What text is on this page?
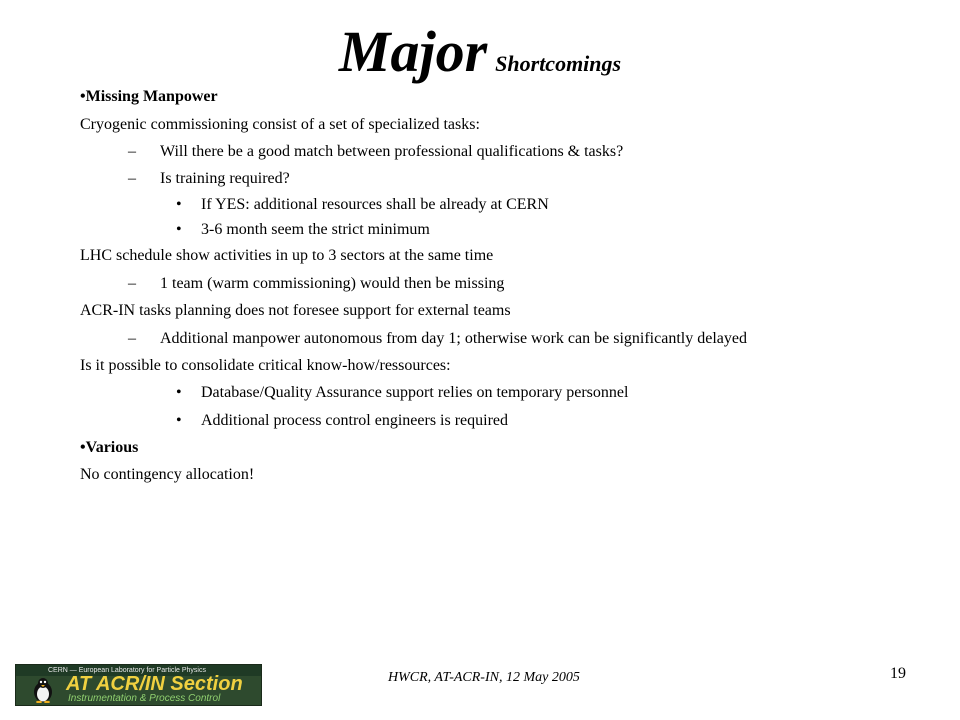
Major Shortcomings
•Missing Manpower
Cryogenic commissioning consist of a set of specialized tasks:
– Will there be a good match between professional qualifications & tasks?
– Is training required?
• If YES: additional resources shall be already at CERN
• 3-6 month seem the strict minimum
LHC schedule show activities in up to 3 sectors at the same time
– 1 team (warm commissioning) would then be missing
ACR-IN tasks planning does not foresee support for external teams
– Additional manpower autonomous from day 1; otherwise work can be significantly delayed
Is it possible to consolidate critical know-how/ressources:
• Database/Quality Assurance support relies on temporary personnel
• Additional process control engineers is required
•Various
No contingency allocation!
CERN — European Laboratory for Particle Physics
AT ACR/IN Section
Instrumentation & Process Control
HWCR, AT-ACR-IN, 12 May 2005	19
